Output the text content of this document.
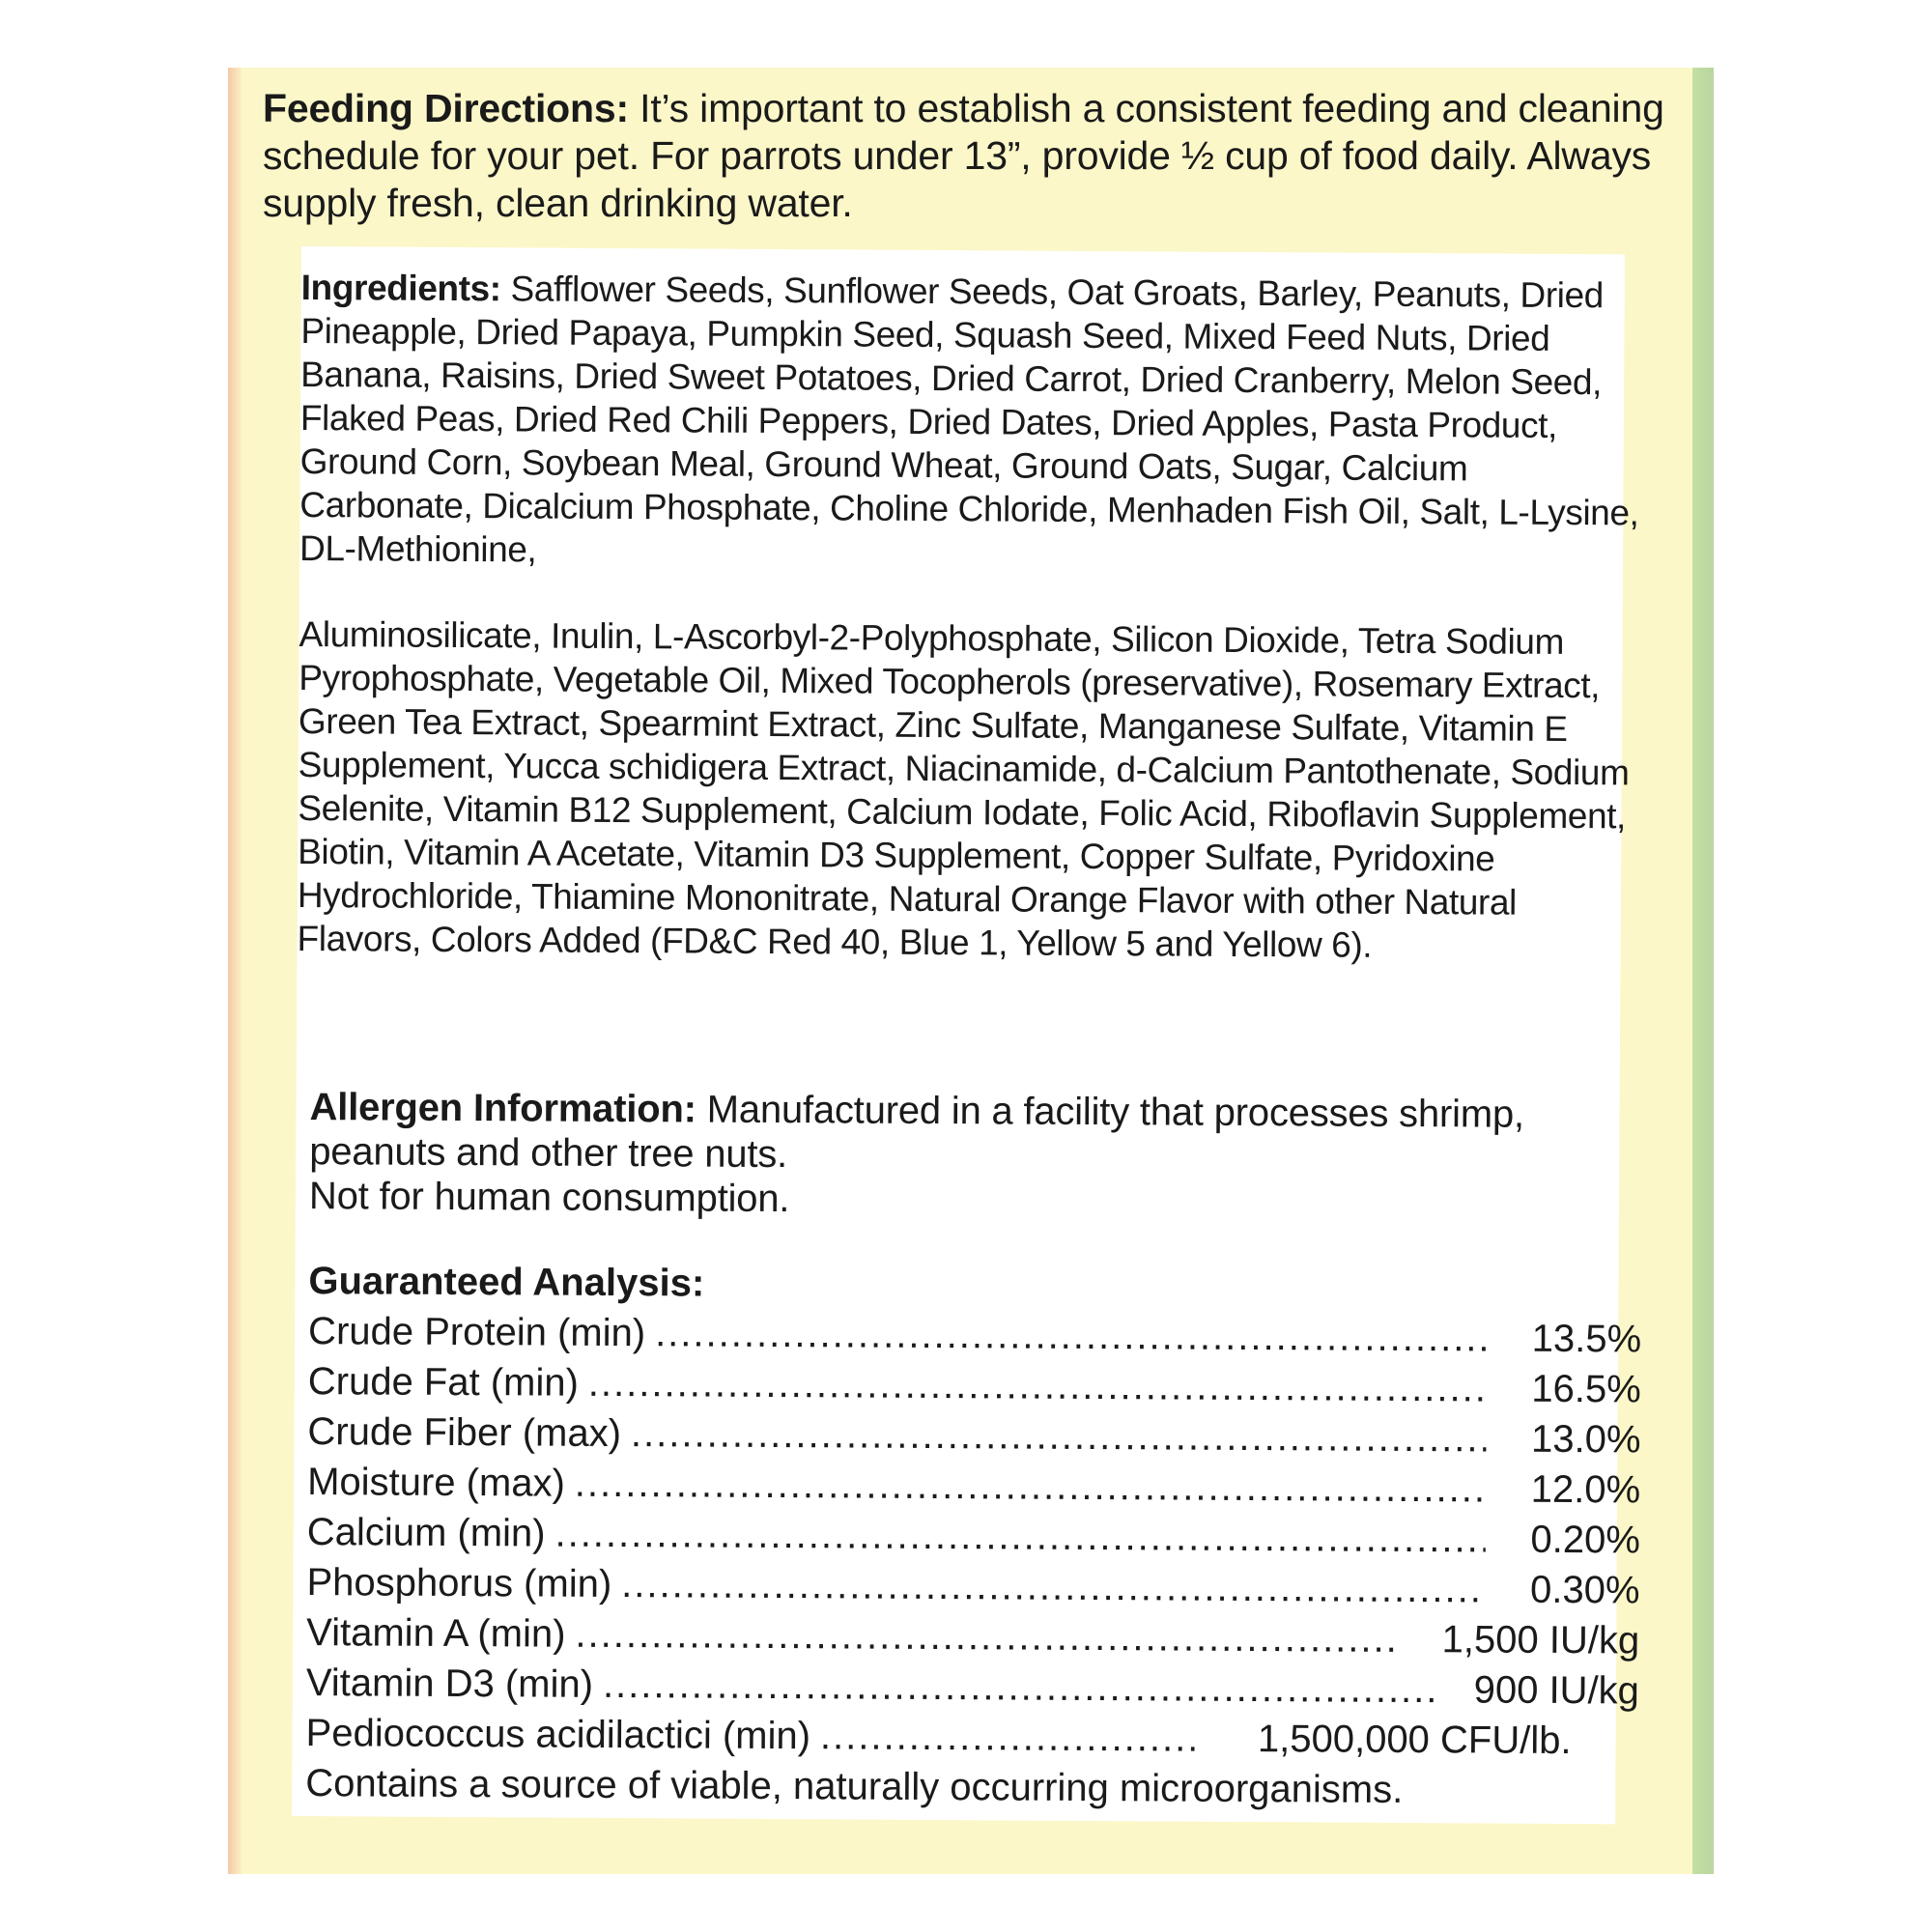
Feeding Directions: It’s important to establish a consistent feeding and cleaning schedule for your pet. For parrots under 13”, provide ½ cup of food daily. Always supply fresh, clean drinking water.

Ingredients: Safflower Seeds, Sunflower Seeds, Oat Groats, Barley, Peanuts, Dried Pineapple, Dried Papaya, Pumpkin Seed, Squash Seed, Mixed Feed Nuts, Dried Banana, Raisins, Dried Sweet Potatoes, Dried Carrot, Dried Cranberry, Melon Seed, Flaked Peas, Dried Red Chili Peppers, Dried Dates, Dried Apples, Pasta Product, Ground Corn, Soybean Meal, Ground Wheat, Ground Oats, Sugar, Calcium Carbonate, Dicalcium Phosphate, Choline Chloride, Menhaden Fish Oil, Salt, L-Lysine, DL-Methionine,

Aluminosilicate, Inulin, L-Ascorbyl-2-Polyphosphate, Silicon Dioxide, Tetra Sodium Pyrophosphate, Vegetable Oil, Mixed Tocopherols (preservative), Rosemary Extract, Green Tea Extract, Spearmint Extract, Zinc Sulfate, Manganese Sulfate, Vitamin E Supplement, Yucca schidigera Extract, Niacinamide, d-Calcium Pantothenate, Sodium Selenite, Vitamin B12 Supplement, Calcium Iodate, Folic Acid, Riboflavin Supplement, Biotin, Vitamin A Acetate, Vitamin D3 Supplement, Copper Sulfate, Pyridoxine Hydrochloride, Thiamine Mononitrate, Natural Orange Flavor with other Natural Flavors, Colors Added (FD&C Red 40, Blue 1, Yellow 5 and Yellow 6).

Allergen Information: Manufactured in a facility that processes shrimp, peanuts and other tree nuts.

Not for human consumption.

Guaranteed Analysis:

Crude Protein (min) .....	13.5%
Crude Fat (min) .....	16.5%
Crude Fiber (max) .....	13.0%
Moisture (max) .....	12.0%
Calcium (min) .....	0.20%
Phosphorus (min) .....	0.30%
Vitamin A (min) .....	1,500 IU/kg
Vitamin D3 (min) .....	900 IU/kg
Pediococcus acidilactici (min) .....	1,500,000 CFU/lb.

Contains a source of viable, naturally occurring microorganisms.
